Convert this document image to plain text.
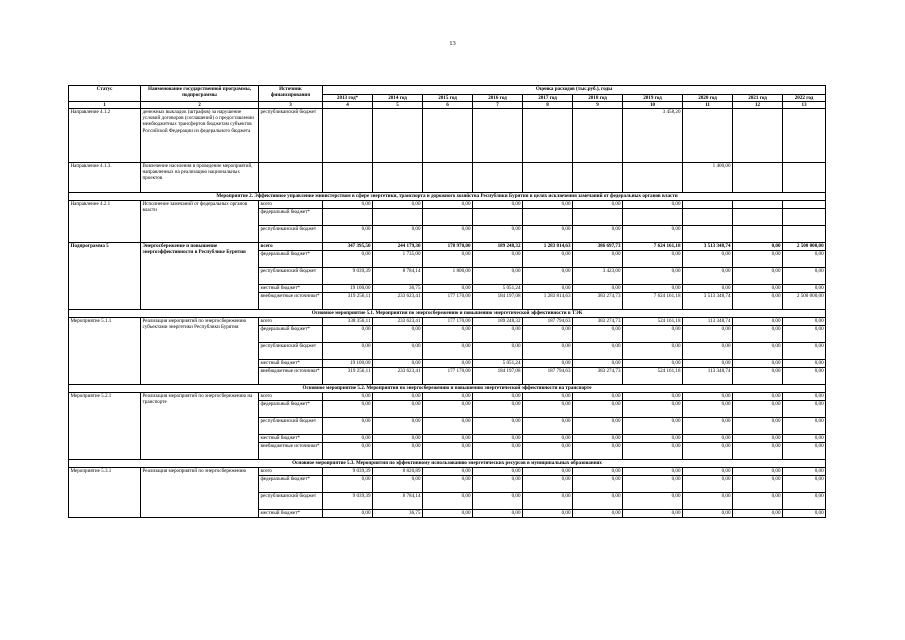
13
Статус	Наименование государственной программы, подпрограммы	Источник финансирования	Оценка расходов (тыс.руб.), годы									
			2013 год*	2014 год	2015 год	2016 год	2017 год	2018 год	2019 год	2020 год	2021 год	2022 год
1	2	3	4	5	6	7	8	9	10	11	12	13
Направление 4.1.2	денежных выкладок (штрафов) за нарушение условий договоров (соглашений) о предоставлении межбюджетных трансфертов бюджетам субъектов Российской Федерации из федерального бюджета	республиканский бюджет							3 458,20			
Направление 4.1.3.	Вовлечение населения в проведение мероприятий, направленных на реализацию национальных проектов									1 400,00		
Мероприятие 2. Эффективное управление министерством в сфере энергетики, транспорта и дорожного хозяйства Республики Бурятия в целях исключения замечаний от федеральных органов власти												
Направление 4.2.1	Исполнение замечаний от федеральных органов власти	всего	0,00	0,00	0,00	0,00	0,00	0,00	0,00			
		федеральный бюджет*										
		республиканский бюджет	0,00	0,00	0,00	0,00	0,00	0,00	0,00			
Подпрограмма 5	Энергосбережение и повышение энергоэффективности в Республике Бурятия	всего	347 395,50	244 179,30	178 970,00	189 248,32	1 283 814,63	386 697,73	7 624 161,18	3 513 348,74	0,00	2 500 000,00
		федеральный бюджет*	0,00	1 735,00	0,00	0,00	0,00	0,00	0,00	0,00	0,00	0,00
		республиканский бюджет	9 039,39	8 784,14	1 800,00	0,00	0,00	3 423,00	0,00	0,00	0,00	0,00
		местный бюджет*	19 100,00	36,75	0,00	5 051,24	0,00	0,00	0,00	0,00	0,00	0,00
		внебюджетные источники*	319 256,11	233 623,41	177 170,00	184 197,08	1 283 814,63	383 274,73	7 624 161,18	3 513 348,74	0,00	2 500 000,00
Основное мероприятие 5.1. Мероприятия по энергосбережению и повышению энергетической эффективности в ТЭК												
Мероприятие 5.1.1	Реализация мероприятий по энергосбережению субъектами энергетики Республики Бурятия	всего	338 356,11	233 623,41	177 170,00	189 248,32	187 794,63	383 274,73	524 161,18	113 348,74	0,00	0,00
		федеральный бюджет*	0,00	0,00	0,00	0,00	0,00	0,00	0,00	0,00	0,00	0,00
		республиканский бюджет	0,00	0,00	0,00	0,00	0,00	0,00	0,00	0,00	0,00	0,00
		местный бюджет*	19 100,00	0,00	0,00	5 051,24	0,00	0,00	0,00	0,00	0,00	0,00
		внебюджетные источники*	319 256,11	233 623,41	177 170,00	184 197,08	187 794,63	383 274,73	524 161,18	113 348,74	0,00	0,00
Основное мероприятие 5.2. Мероприятия по энергосбережению и повышению энергетической эффективности на транспорте												
Мероприятие 5.2.1	Реализация мероприятий по энергосбережению на транспорте	всего	0,00	0,00	0,00	0,00	0,00	0,00	0,00	0,00	0,00	0,00
		федеральный бюджет*	0,00	0,00	0,00	0,00	0,00	0,00	0,00	0,00	0,00	0,00
		республиканский бюджет	0,00	0,00	0,00	0,00	0,00	0,00	0,00	0,00	0,00	0,00
		местный бюджет*	0,00	0,00	0,00	0,00	0,00	0,00	0,00	0,00	0,00	0,00
		внебюджетные источники*	0,00	0,00	0,00	0,00	0,00	0,00	0,00	0,00	0,00	0,00
Основное мероприятие 5.3. Мероприятия по эффективному использованию энергетических ресурсов в муниципальных образованиях												
Мероприятие 5.3.1	Реализация мероприятий по энергосбережению	всего	9 039,39	8 820,89	0,00	0,00	0,00	0,00	0,00	0,00	0,00	0,00
		федеральный бюджет*	0,00	0,00	0,00	0,00	0,00	0,00	0,00	0,00	0,00	0,00
		республиканский бюджет	9 039,39	8 784,14	0,00	0,00	0,00	0,00	0,00	0,00	0,00	0,00
		местный бюджет*	0,00	36,75	0,00	0,00	0,00	0,00	0,00	0,00	0,00	0,00
